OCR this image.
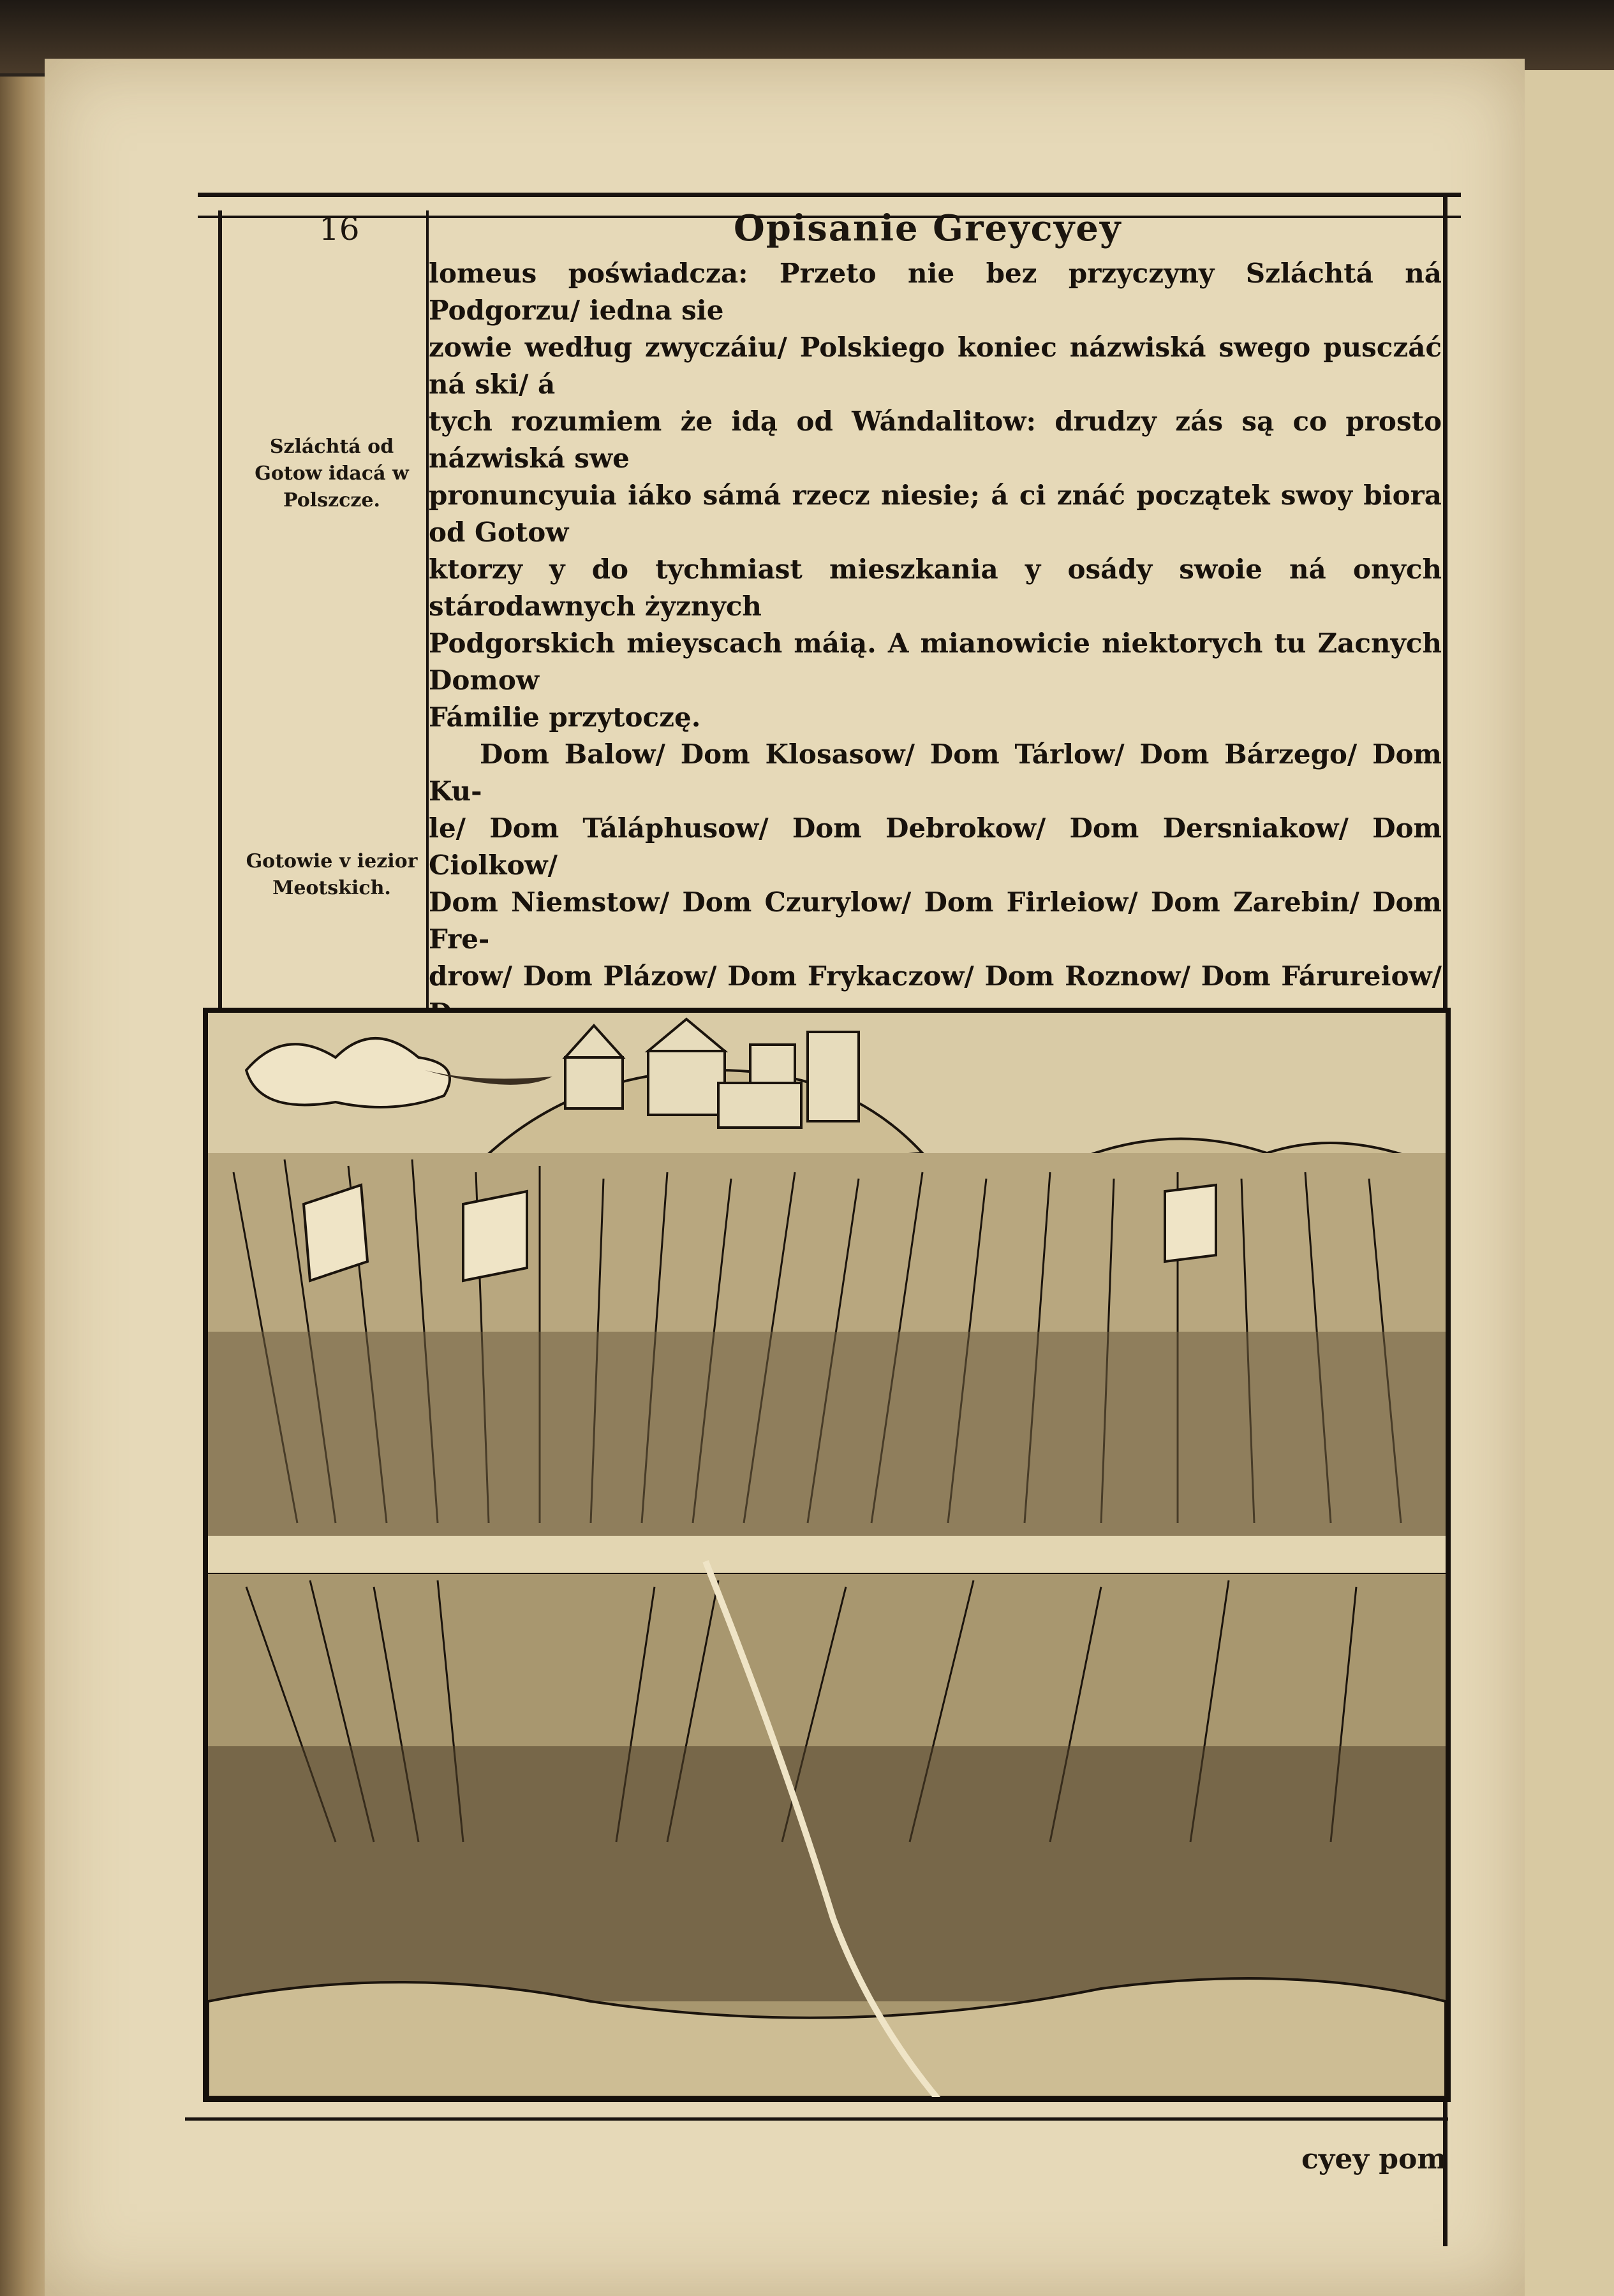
16	Opisanie Greycyey
Szláchtá od Gotow idacá w Polszcze.
Gotowie v iezior Meotskich.

lomeus poświadcza: Przeto nie bez przyczyny Szláchtá ná Podgorzu/ iedna sie

zowie według zwyczáiu/ Polskiego koniec názwiská swego pusczáć ná ski/ á

tych rozumiem że idą od Wándalitow: drudzy zás są co prosto názwiská swe

pronuncyuia iáko sámá rzecz niesie; á ci znáć początek swoy biora od Gotow

ktorzy y do tychmiast mieszkania y osády swoie ná onych stárodawnych żyznych

Podgorskich mieyscach máią. A mianowicie niektorych tu Zacnych Domow

Fámilie przytoczę.

Dom Balow/ Dom Klosasow/ Dom Tárlow/ Dom Bárzego/ Dom Ku-

le/ Dom Táláphusow/ Dom Debrokow/ Dom Dersniakow/ Dom Ciolkow/

Dom Niemstow/ Dom Czurylow/ Dom Firleiow/ Dom Zarebin/ Dom Fre-

drow/ Dom Plázow/ Dom Frykaczow/ Dom Roznow/ Dom Fárureiow/

cyey pom
